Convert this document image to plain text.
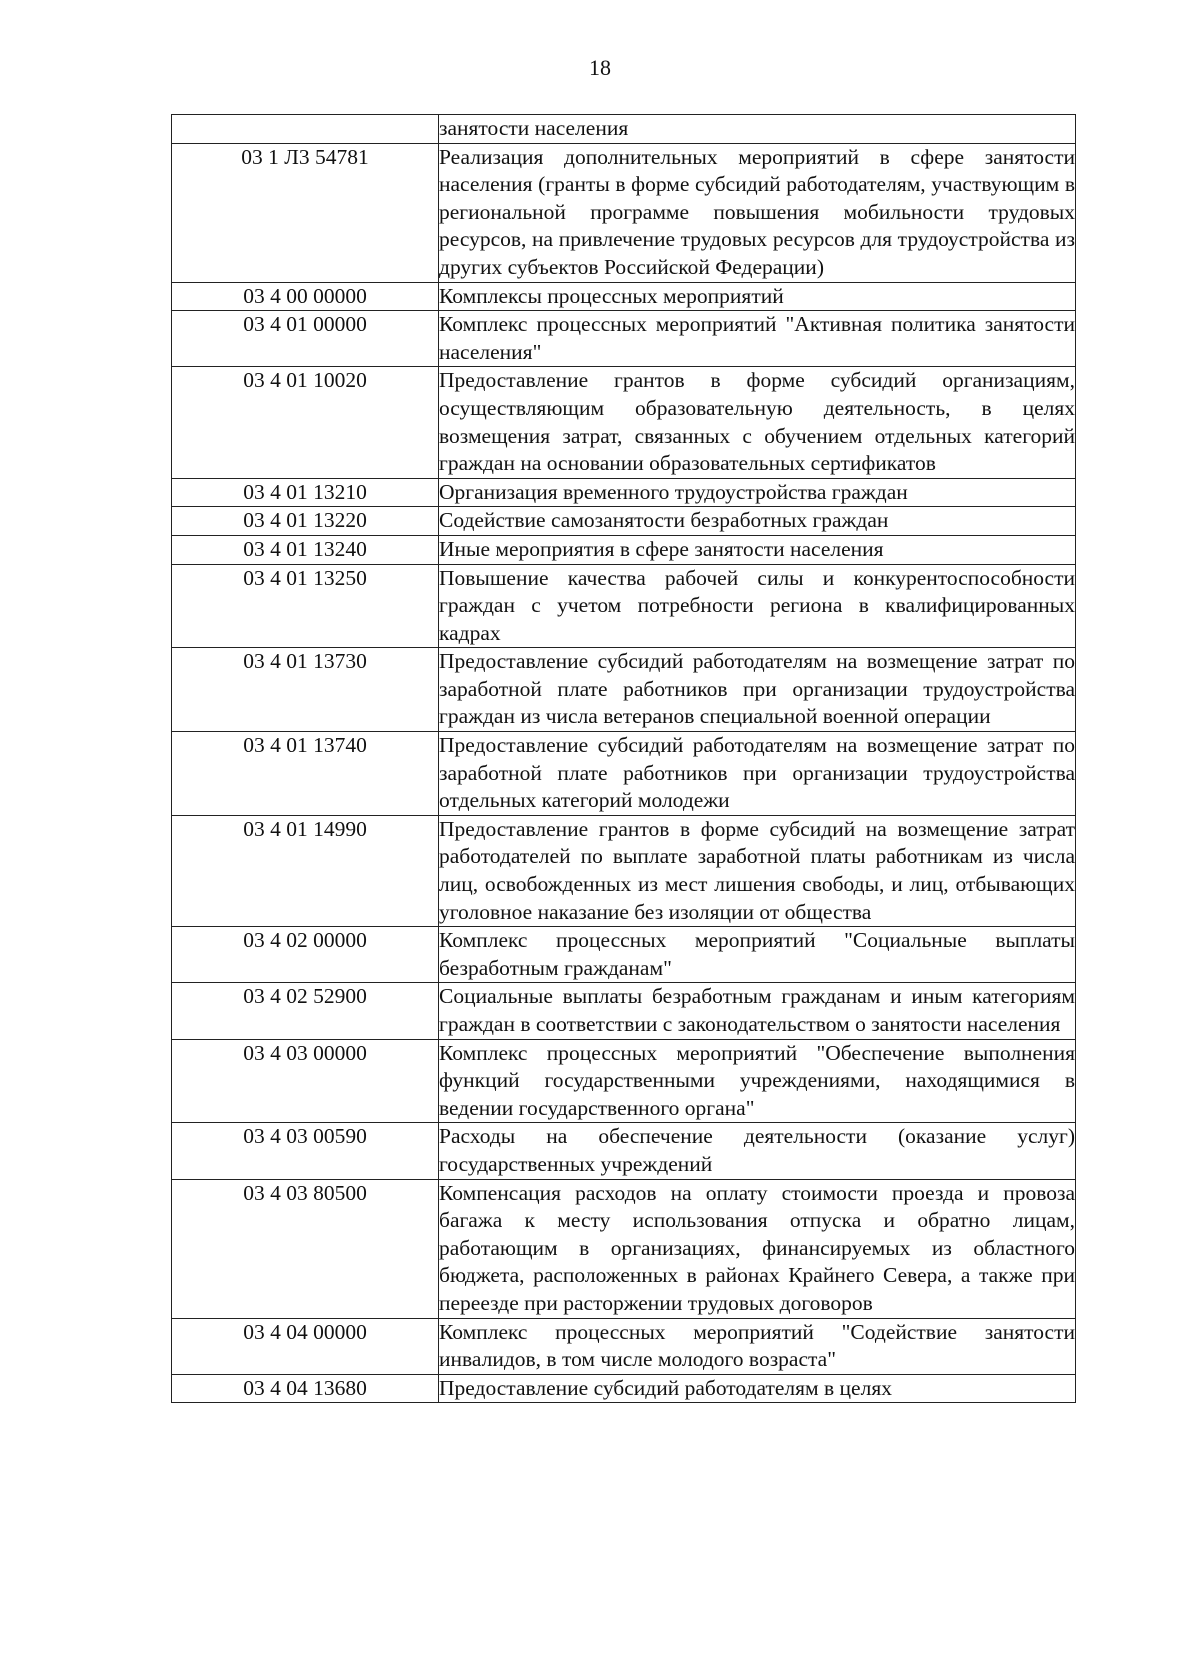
18
	занятости населения
03 1 Л3 54781	Реализация дополнительных мероприятий в сфере занятости населения (гранты в форме субсидий работодателям, участвующим в региональной программе повышения мобильности трудовых ресурсов, на привлечение трудовых ресурсов для трудоустройства из других субъектов Российской Федерации)
03 4 00 00000	Комплексы процессных мероприятий
03 4 01 00000	Комплекс процессных мероприятий "Активная политика занятости населения"
03 4 01 10020	Предоставление грантов в форме субсидий организациям, осуществляющим образовательную деятельность, в целях возмещения затрат, связанных с обучением отдельных категорий граждан на основании образовательных сертификатов
03 4 01 13210	Организация временного трудоустройства граждан
03 4 01 13220	Содействие самозанятости безработных граждан
03 4 01 13240	Иные мероприятия в сфере занятости населения
03 4 01 13250	Повышение качества рабочей силы и конкурентоспособности граждан с учетом потребности региона в квалифицированных кадрах
03 4 01 13730	Предоставление субсидий работодателям на возмещение затрат по заработной плате работников при организации трудоустройства граждан из числа ветеранов специальной военной операции
03 4 01 13740	Предоставление субсидий работодателям на возмещение затрат по заработной плате работников при организации трудоустройства отдельных категорий молодежи
03 4 01 14990	Предоставление грантов в форме субсидий на возмещение затрат работодателей по выплате заработной платы работникам из числа лиц, освобожденных из мест лишения свободы, и лиц, отбывающих уголовное наказание без изоляции от общества
03 4 02 00000	Комплекс процессных мероприятий "Социальные выплаты безработным гражданам"
03 4 02 52900	Социальные выплаты безработным гражданам и иным категориям граждан в соответствии с законодательством о занятости населения
03 4 03 00000	Комплекс процессных мероприятий "Обеспечение выполнения функций государственными учреждениями, находящимися в ведении государственного органа"
03 4 03 00590	Расходы на обеспечение деятельности (оказание услуг) государственных учреждений
03 4 03 80500	Компенсация расходов на оплату стоимости проезда и провоза багажа к месту использования отпуска и обратно лицам, работающим в организациях, финансируемых из областного бюджета, расположенных в районах Крайнего Севера, а также при переезде при расторжении трудовых договоров
03 4 04 00000	Комплекс процессных мероприятий "Содействие занятости инвалидов, в том числе молодого возраста"
03 4 04 13680	Предоставление субсидий работодателям в целях
